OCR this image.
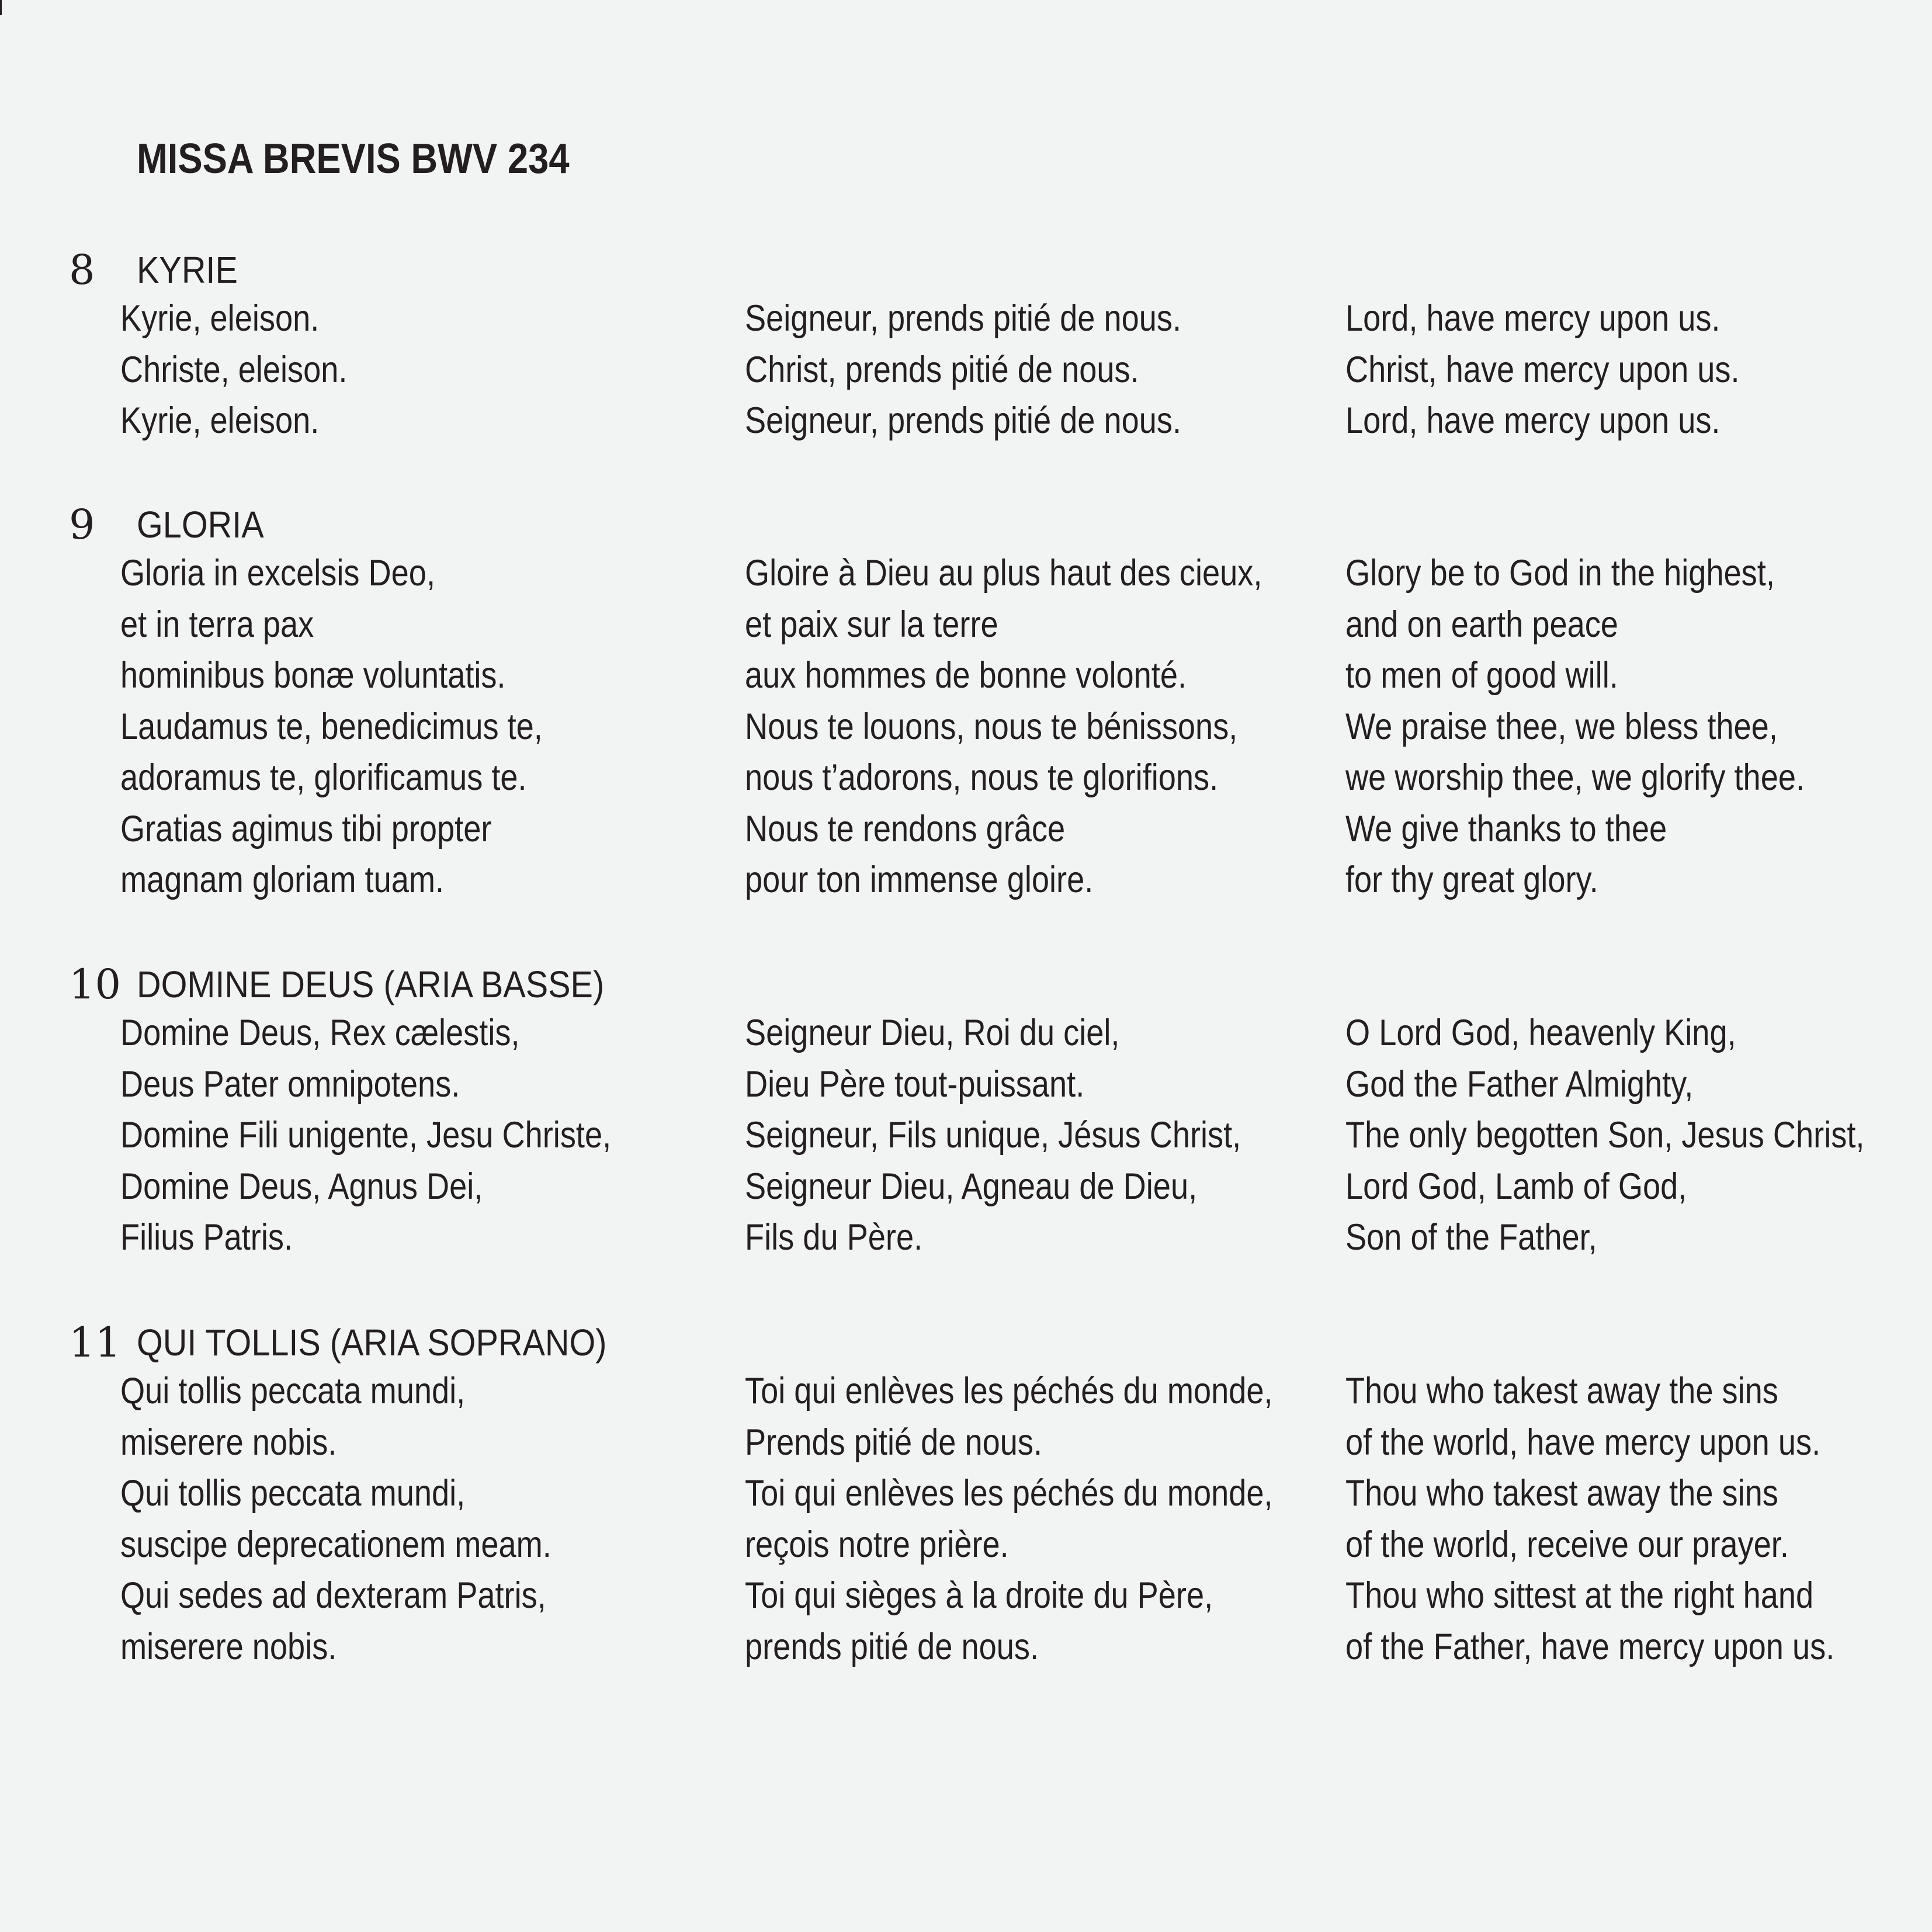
MISSA BREVIS BWV 234
8 KYRIE
Kyrie, eleison.
Christe, eleison.
Kyrie, eleison.
Seigneur, prends pitié de nous.
Christ, prends pitié de nous.
Seigneur, prends pitié de nous.
Lord, have mercy upon us.
Christ, have mercy upon us.
Lord, have mercy upon us.
9 GLORIA
Gloria in excelsis Deo,
et in terra pax
hominibus bonæ voluntatis.
Laudamus te, benedicimus te,
adoramus te, glorificamus te.
Gratias agimus tibi propter
magnam gloriam tuam.
Gloire à Dieu au plus haut des cieux,
et paix sur la terre
aux hommes de bonne volonté.
Nous te louons, nous te bénissons,
nous t’adorons, nous te glorifions.
Nous te rendons grâce
pour ton immense gloire.
Glory be to God in the highest,
and on earth peace
to men of good will.
We praise thee, we bless thee,
we worship thee, we glorify thee.
We give thanks to thee
for thy great glory.
10 DOMINE DEUS (ARIA BASSE)
Domine Deus, Rex cælestis,
Deus Pater omnipotens.
Domine Fili unigente, Jesu Christe,
Domine Deus, Agnus Dei,
Filius Patris.
Seigneur Dieu, Roi du ciel,
Dieu Père tout-puissant.
Seigneur, Fils unique, Jésus Christ,
Seigneur Dieu, Agneau de Dieu,
Fils du Père.
O Lord God, heavenly King,
God the Father Almighty,
The only begotten Son, Jesus Christ,
Lord God, Lamb of God,
Son of the Father,
11 QUI TOLLIS (ARIA SOPRANO)
Qui tollis peccata mundi,
miserere nobis.
Qui tollis peccata mundi,
suscipe deprecationem meam.
Qui sedes ad dexteram Patris,
miserere nobis.
Toi qui enlèves les péchés du monde,
Prends pitié de nous.
Toi qui enlèves les péchés du monde,
reçois notre prière.
Toi qui sièges à la droite du Père,
prends pitié de nous.
Thou who takest away the sins
of the world, have mercy upon us.
Thou who takest away the sins
of the world, receive our prayer.
Thou who sittest at the right hand
of the Father, have mercy upon us.
